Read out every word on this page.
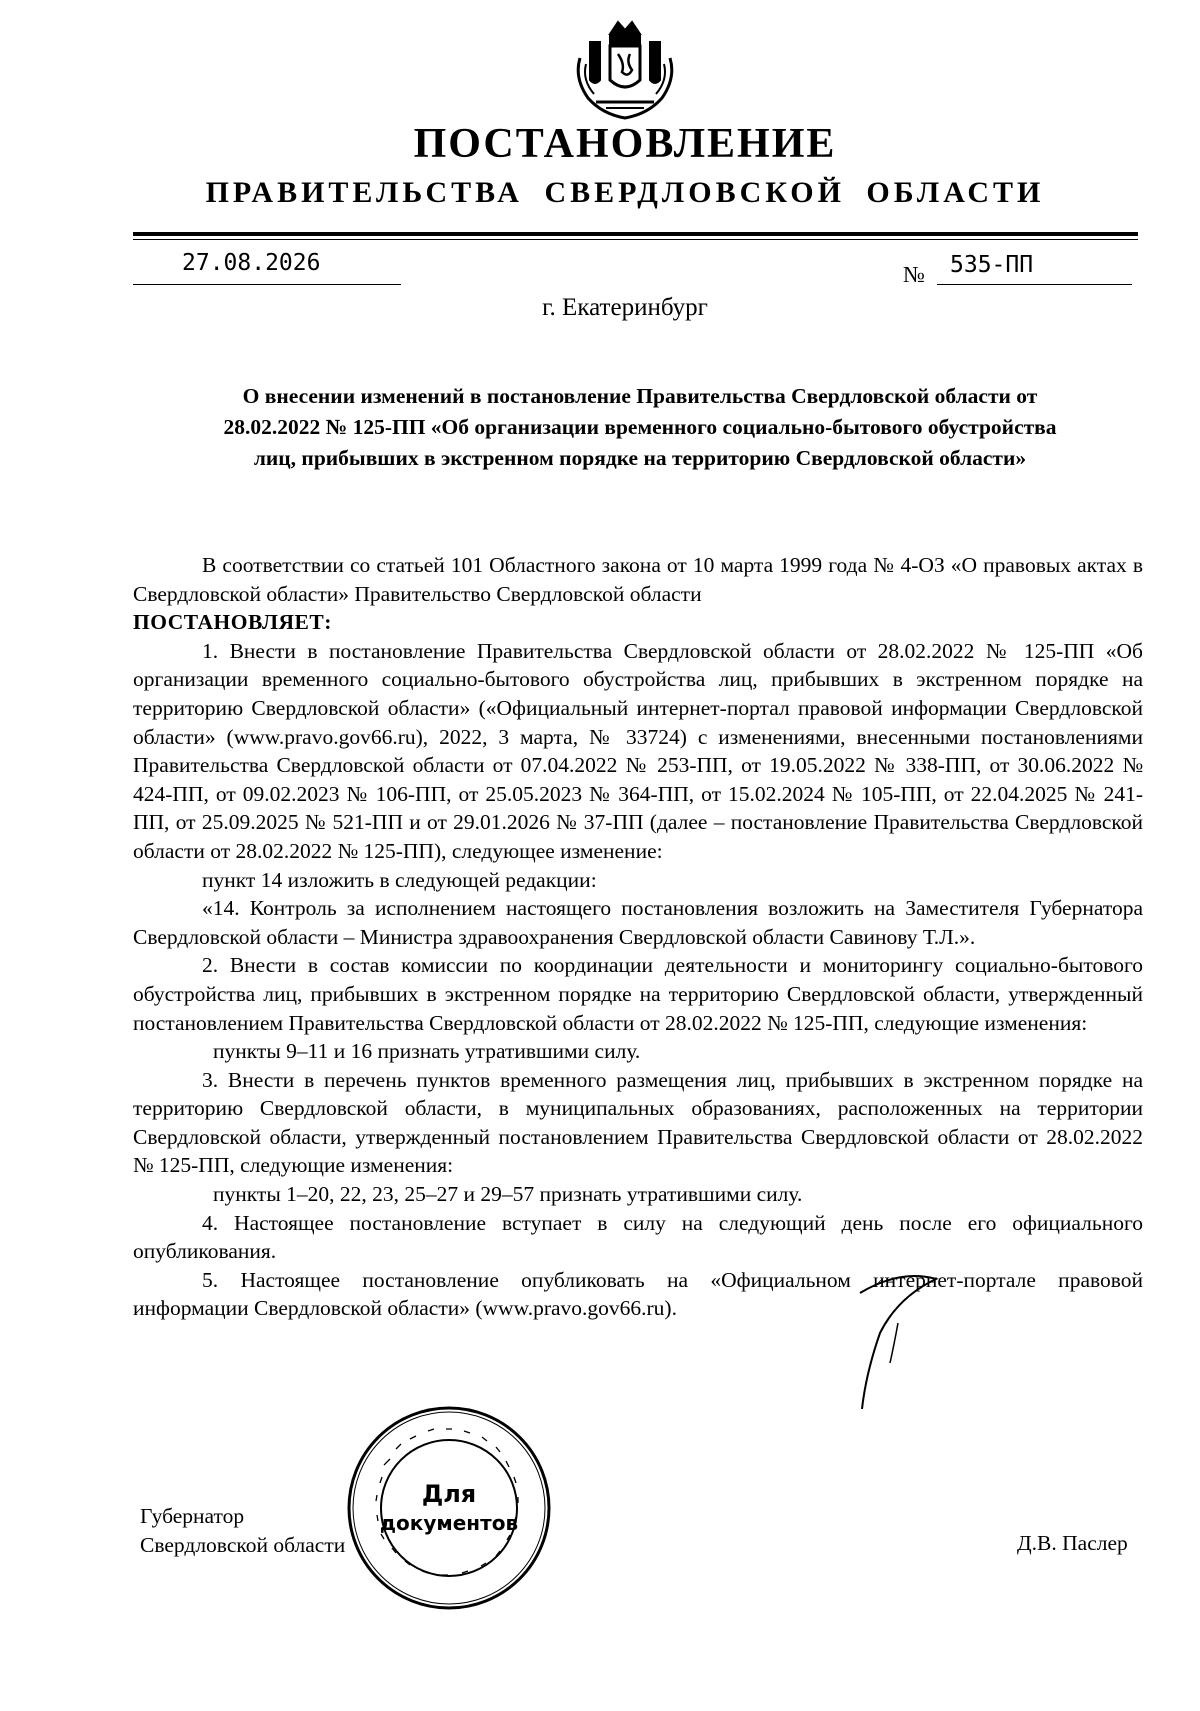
ПОСТАНОВЛЕНИЕ
ПРАВИТЕЛЬСТВА СВЕРДЛОВСКОЙ ОБЛАСТИ
27.08.2026	№ 535-ПП
г. Екатеринбург
О внесении изменений в постановление Правительства Свердловской области от 28.02.2022 № 125-ПП «Об организации временного социально-бытового обустройства лиц, прибывших в экстренном порядке на территорию Свердловской области»

В соответствии со статьей 101 Областного закона от 10 марта 1999 года № 4-ОЗ «О правовых актах в Свердловской области» Правительство Свердловской области

ПОСТАНОВЛЯЕТ:

1. Внести в постановление Правительства Свердловской области от 28.02.2022 № 125-ПП «Об организации временного социально-бытового обустройства лиц, прибывших в экстренном порядке на территорию Свердловской области» («Официальный интернет-портал правовой информации Свердловской области» (www.pravo.gov66.ru), 2022, 3 марта, № 33724) с изменениями, внесенными постановлениями Правительства Свердловской области от 07.04.2022 № 253-ПП, от 19.05.2022 № 338-ПП, от 30.06.2022 № 424-ПП, от 09.02.2023 № 106-ПП, от 25.05.2023 № 364-ПП, от 15.02.2024 № 105-ПП, от 22.04.2025 № 241-ПП, от 25.09.2025 № 521-ПП и от 29.01.2026 № 37-ПП (далее – постановление Правительства Свердловской области от 28.02.2022 № 125-ПП), следующее изменение:

пункт 14 изложить в следующей редакции:

«14. Контроль за исполнением настоящего постановления возложить на Заместителя Губернатора Свердловской области – Министра здравоохранения Свердловской области Савинову Т.Л.».

2. Внести в состав комиссии по координации деятельности и мониторингу социально-бытового обустройства лиц, прибывших в экстренном порядке на территорию Свердловской области, утвержденный постановлением Правительства Свердловской области от 28.02.2022 № 125-ПП, следующие изменения:

пункты 9–11 и 16 признать утратившими силу.

3. Внести в перечень пунктов временного размещения лиц, прибывших в экстренном порядке на территорию Свердловской области, в муниципальных образованиях, расположенных на территории Свердловской области, утвержденный постановлением Правительства Свердловской области от 28.02.2022 № 125-ПП, следующие изменения:

пункты 1–20, 22, 23, 25–27 и 29–57 признать утратившими силу.

4. Настоящее постановление вступает в силу на следующий день после его официального опубликования.

5. Настоящее постановление опубликовать на «Официальном интернет-портале правовой информации Свердловской области» (www.pravo.gov66.ru).

Губернатор
Свердловской области	Д.В. Паслер
Для
документов
